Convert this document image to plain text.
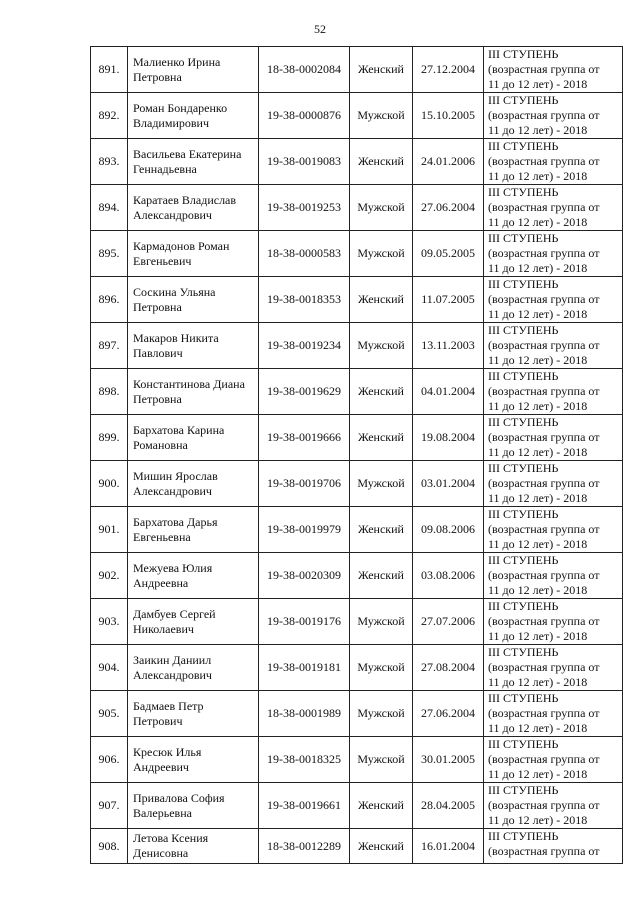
52
891.	Малиенко Ирина
Петровна	18-38-0002084	Женский	27.12.2004	III СТУПЕНЬ
(возрастная группа от
11 до 12 лет) - 2018

892.	Роман Бондаренко
Владимирович	19-38-0000876	Мужской	15.10.2005	III СТУПЕНЬ
(возрастная группа от
11 до 12 лет) - 2018

893.	Васильева Екатерина
Геннадьевна	19-38-0019083	Женский	24.01.2006	III СТУПЕНЬ
(возрастная группа от
11 до 12 лет) - 2018

894.	Каратаев Владислав
Александрович	19-38-0019253	Мужской	27.06.2004	III СТУПЕНЬ
(возрастная группа от
11 до 12 лет) - 2018

895.	Кармадонов Роман
Евгеньевич	18-38-0000583	Мужской	09.05.2005	III СТУПЕНЬ
(возрастная группа от
11 до 12 лет) - 2018

896.	Соскина Ульяна
Петровна	19-38-0018353	Женский	11.07.2005	III СТУПЕНЬ
(возрастная группа от
11 до 12 лет) - 2018

897.	Макаров Никита
Павлович	19-38-0019234	Мужской	13.11.2003	III СТУПЕНЬ
(возрастная группа от
11 до 12 лет) - 2018

898.	Константинова Диана
Петровна	19-38-0019629	Женский	04.01.2004	III СТУПЕНЬ
(возрастная группа от
11 до 12 лет) - 2018

899.	Бархатова Карина
Романовна	19-38-0019666	Женский	19.08.2004	III СТУПЕНЬ
(возрастная группа от
11 до 12 лет) - 2018

900.	Мишин Ярослав
Александрович	19-38-0019706	Мужской	03.01.2004	III СТУПЕНЬ
(возрастная группа от
11 до 12 лет) - 2018

901.	Бархатова Дарья
Евгеньевна	19-38-0019979	Женский	09.08.2006	III СТУПЕНЬ
(возрастная группа от
11 до 12 лет) - 2018

902.	Межуева Юлия
Андреевна	19-38-0020309	Женский	03.08.2006	III СТУПЕНЬ
(возрастная группа от
11 до 12 лет) - 2018

903.	Дамбуев Сергей
Николаевич	19-38-0019176	Мужской	27.07.2006	III СТУПЕНЬ
(возрастная группа от
11 до 12 лет) - 2018

904.	Заикин Даниил
Александрович	19-38-0019181	Мужской	27.08.2004	III СТУПЕНЬ
(возрастная группа от
11 до 12 лет) - 2018

905.	Бадмаев Петр
Петрович	18-38-0001989	Мужской	27.06.2004	III СТУПЕНЬ
(возрастная группа от
11 до 12 лет) - 2018

906.	Кресюк Илья
Андреевич	19-38-0018325	Мужской	30.01.2005	III СТУПЕНЬ
(возрастная группа от
11 до 12 лет) - 2018

907.	Привалова София
Валерьевна	19-38-0019661	Женский	28.04.2005	III СТУПЕНЬ
(возрастная группа от
11 до 12 лет) - 2018

908.	Летова Ксения
Денисовна	18-38-0012289	Женский	16.01.2004	III СТУПЕНЬ
(возрастная группа от
